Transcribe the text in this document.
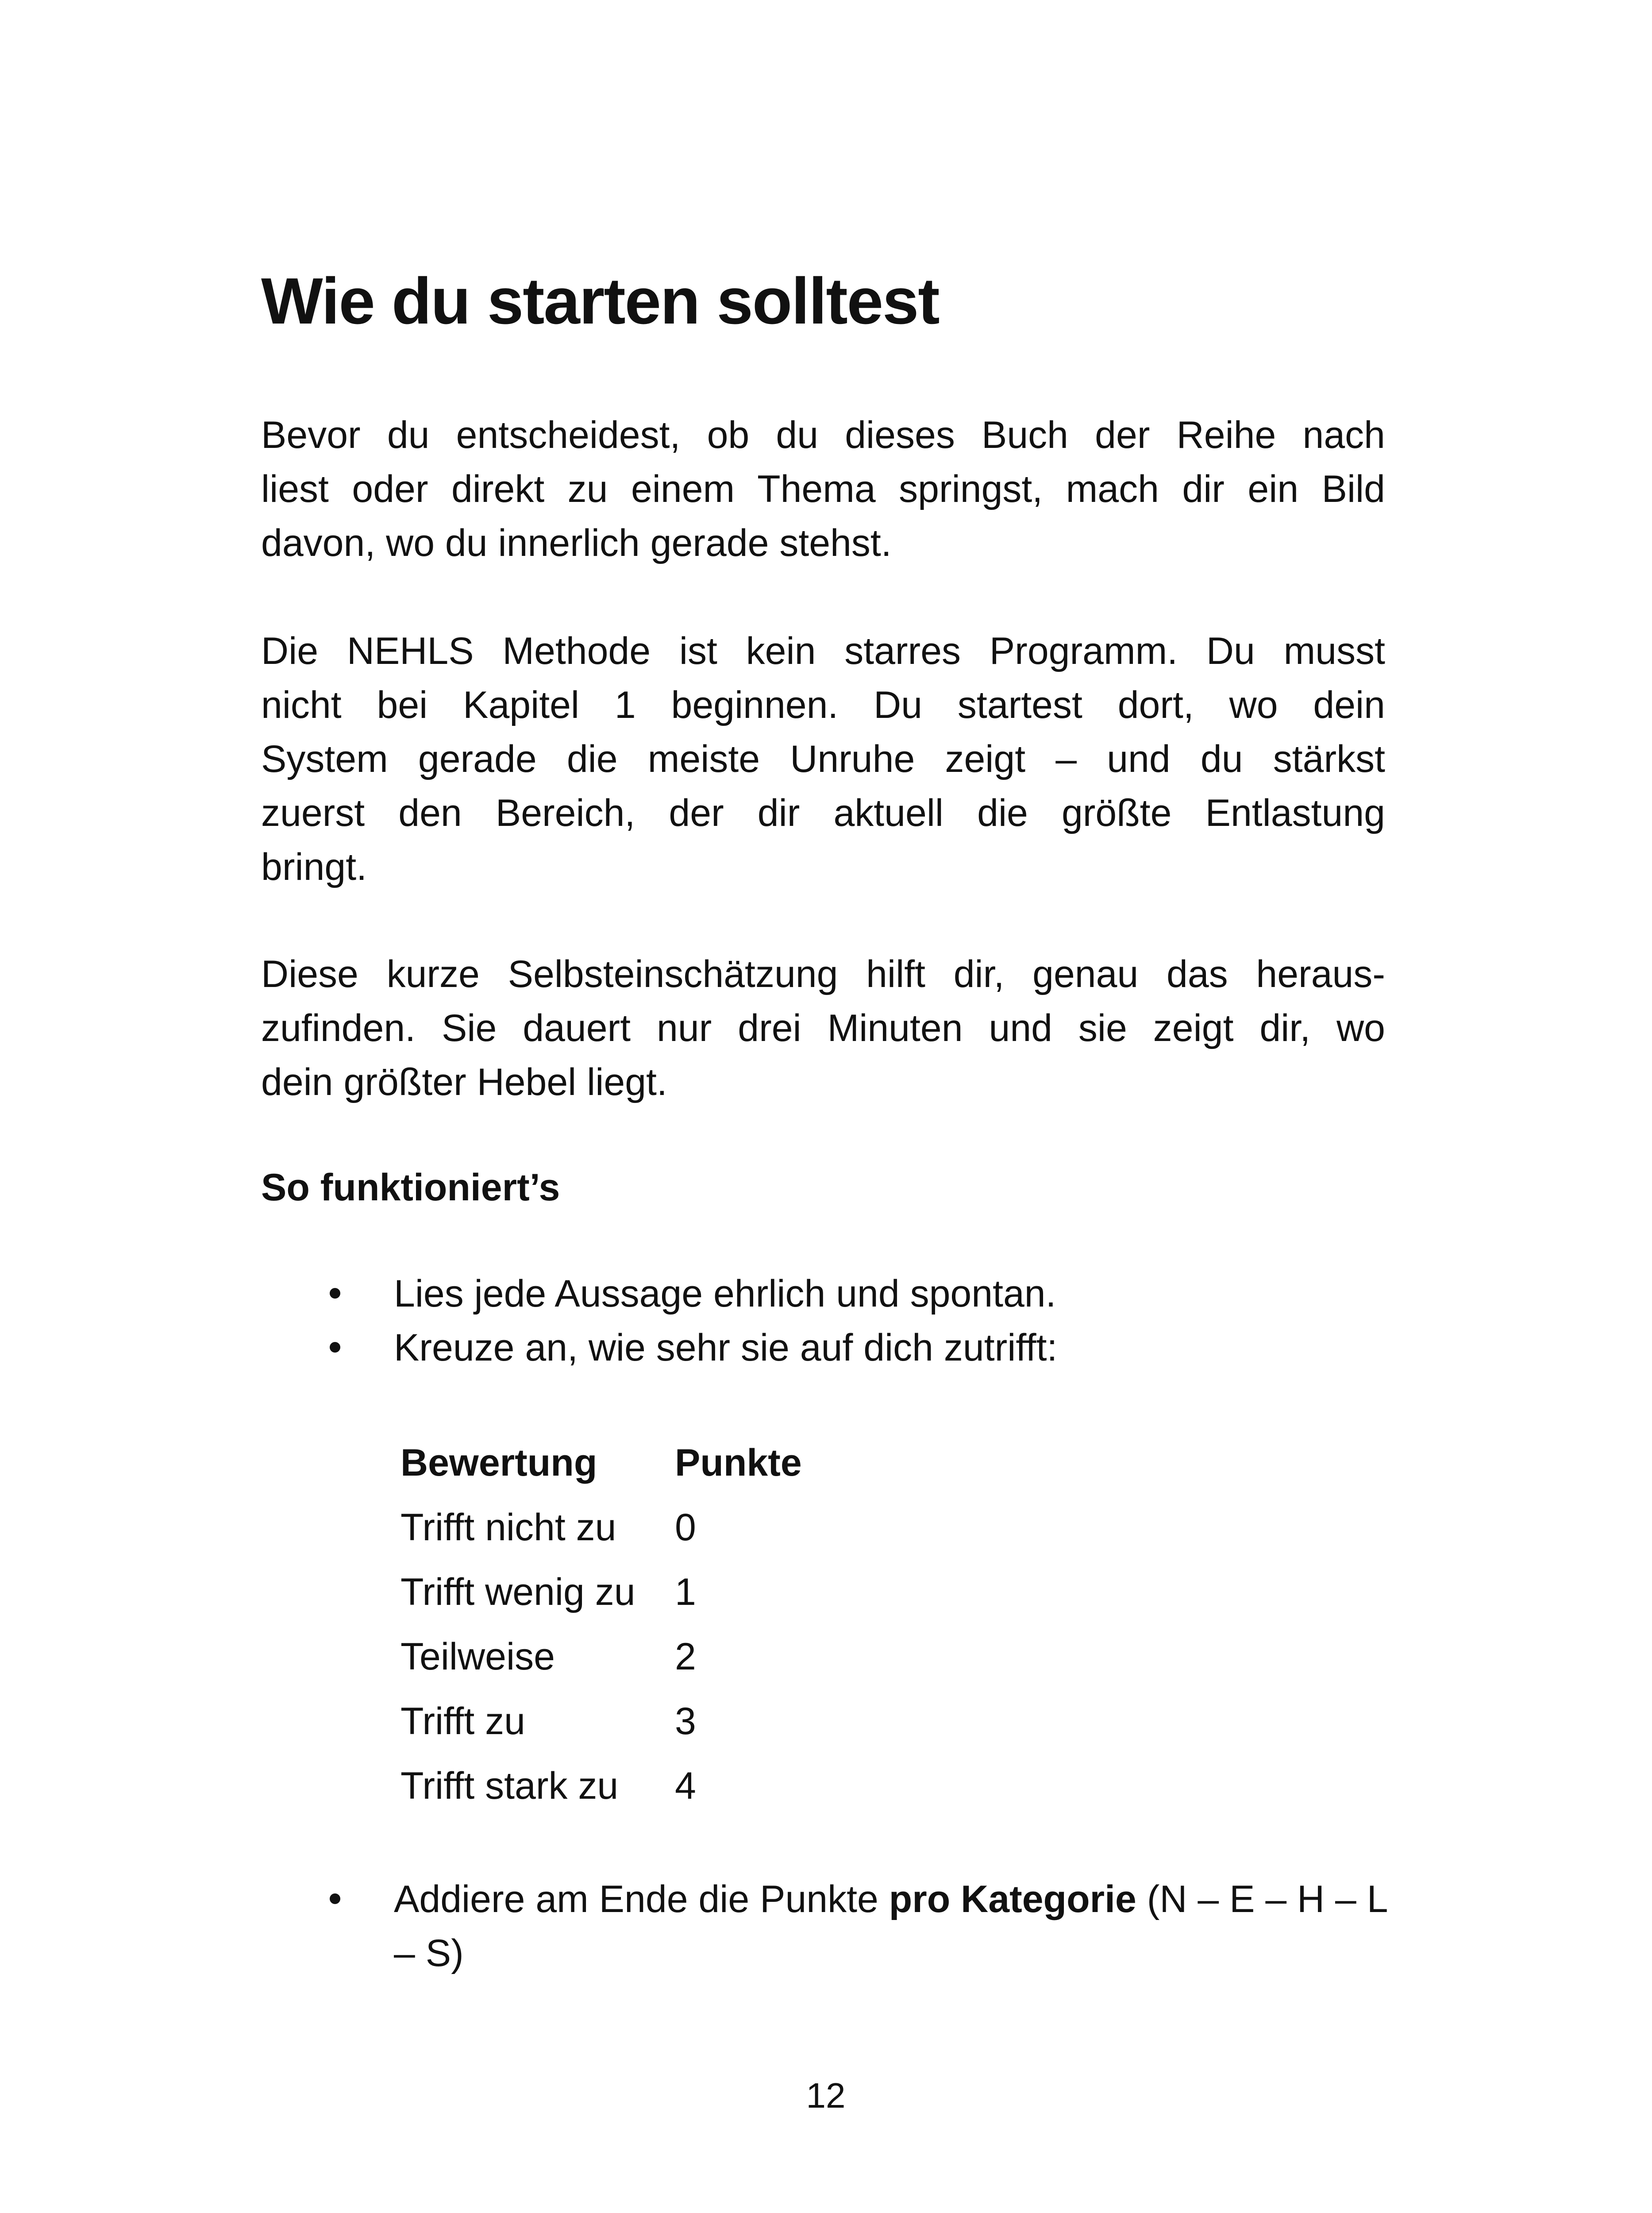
Wie du starten solltest

Bevor du entscheidest, ob du dieses Buch der Reihe nach
liest oder direkt zu einem Thema springst, mach dir ein Bild
davon, wo du innerlich gerade stehst.

Die NEHLS Methode ist kein starres Programm. Du musst
nicht bei Kapitel 1 beginnen. Du startest dort, wo dein
System gerade die meiste Unruhe zeigt – und du stärkst
zuerst den Bereich, der dir aktuell die größte Entlastung
bringt.

Diese kurze Selbsteinschätzung hilft dir, genau das heraus-
zufinden. Sie dauert nur drei Minuten und sie zeigt dir, wo
dein größter Hebel liegt.

So funktioniert’s
Lies jede Aussage ehrlich und spontan.
Kreuze an, wie sehr sie auf dich zutrifft:
Bewertung	Punkte
Trifft nicht zu	0
Trifft wenig zu	1
Teilweise	2
Trifft zu	3
Trifft stark zu	4
Addiere am Ende die Punkte pro Kategorie (N – E – H – L – S)
12
